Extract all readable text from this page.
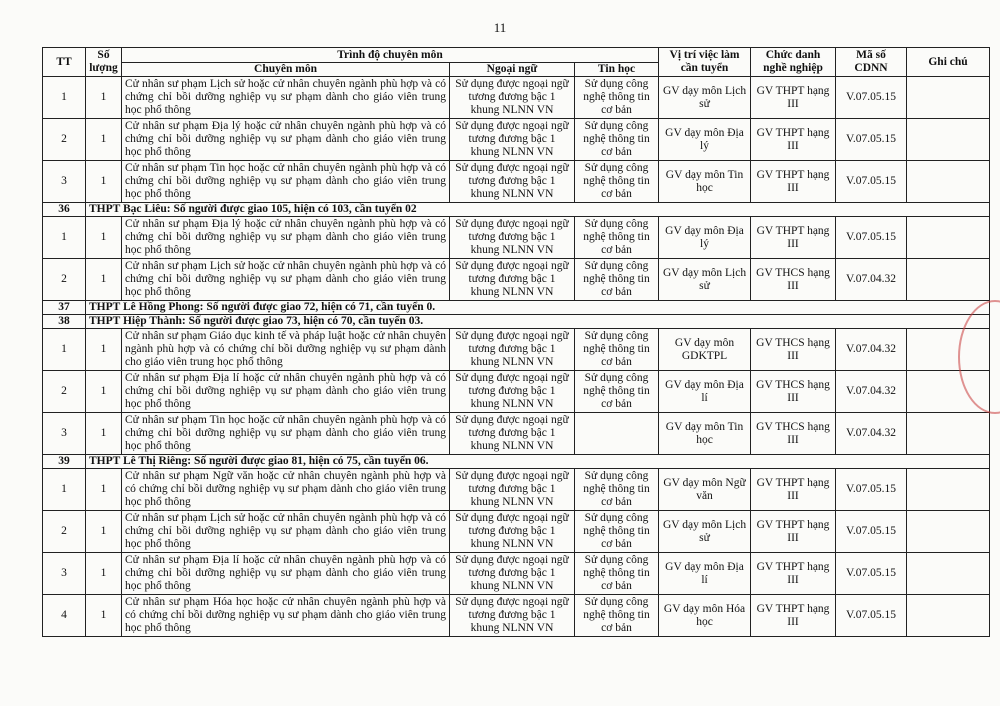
11
TT	Số lượng	Trình độ chuyên môn			Vị trí việc làm cần tuyển	Chức danh nghề nghiệp	Mã số CDNN	Ghi chú
		Chuyên môn	Ngoại ngữ	Tin học				
1	1	Cử nhân sư phạm Lịch sử hoặc cử nhân chuyên ngành phù hợp và có chứng chỉ bồi dưỡng nghiệp vụ sư phạm dành cho giáo viên trung học phổ thông	Sử dụng được ngoại ngữ tương đương bậc 1 khung NLNN VN	Sử dụng công nghệ thông tin cơ bản	GV dạy môn Lịch sử	GV THPT hạng III	V.07.05.15	
2	1	Cử nhân sư phạm Địa lý hoặc cử nhân chuyên ngành phù hợp và có chứng chỉ bồi dưỡng nghiệp vụ sư phạm dành cho giáo viên trung học phổ thông	Sử dụng được ngoại ngữ tương đương bậc 1 khung NLNN VN	Sử dụng công nghệ thông tin cơ bản	GV dạy môn Địa lý	GV THPT hạng III	V.07.05.15	
3	1	Cử nhân sư phạm Tin học hoặc cử nhân chuyên ngành phù hợp và có chứng chỉ bồi dưỡng nghiệp vụ sư phạm dành cho giáo viên trung học phổ thông	Sử dụng được ngoại ngữ tương đương bậc 1 khung NLNN VN	Sử dụng công nghệ thông tin cơ bản	GV dạy môn Tin học	GV THPT hạng III	V.07.05.15	
36	THPT Bạc Liêu: Số người được giao 105, hiện có 103, cần tuyển 02							
1	1	Cử nhân sư phạm Địa lý hoặc cử nhân chuyên ngành phù hợp và có chứng chỉ bồi dưỡng nghiệp vụ sư phạm dành cho giáo viên trung học phổ thông	Sử dụng được ngoại ngữ tương đương bậc 1 khung NLNN VN	Sử dụng công nghệ thông tin cơ bản	GV dạy môn Địa lý	GV THPT hạng III	V.07.05.15	
2	1	Cử nhân sư phạm Lịch sử hoặc cử nhân chuyên ngành phù hợp và có chứng chỉ bồi dưỡng nghiệp vụ sư phạm dành cho giáo viên trung học phổ thông	Sử dụng được ngoại ngữ tương đương bậc 1 khung NLNN VN	Sử dụng công nghệ thông tin cơ bản	GV dạy môn Lịch sử	GV THCS hạng III	V.07.04.32	
37	THPT Lê Hồng Phong: Số người được giao 72, hiện có 71, cần tuyển 0.							
38	THPT Hiệp Thành: Số người được giao 73, hiện có 70, cần tuyển 03.							
1	1	Cử nhân sư phạm Giáo dục kinh tế và pháp luật hoặc cử nhân chuyên ngành phù hợp và có chứng chỉ bồi dưỡng nghiệp vụ sư phạm dành cho giáo viên trung học phổ thông	Sử dụng được ngoại ngữ tương đương bậc 1 khung NLNN VN	Sử dụng công nghệ thông tin cơ bản	GV dạy môn GDKTPL	GV THCS hạng III	V.07.04.32	
2	1	Cử nhân sư phạm Địa lí hoặc cử nhân chuyên ngành phù hợp và có chứng chỉ bồi dưỡng nghiệp vụ sư phạm dành cho giáo viên trung học phổ thông	Sử dụng được ngoại ngữ tương đương bậc 1 khung NLNN VN	Sử dụng công nghệ thông tin cơ bản	GV dạy môn Địa lí	GV THCS hạng III	V.07.04.32	
3	1	Cử nhân sư phạm Tin học hoặc cử nhân chuyên ngành phù hợp và có chứng chỉ bồi dưỡng nghiệp vụ sư phạm dành cho giáo viên trung học phổ thông	Sử dụng được ngoại ngữ tương đương bậc 1 khung NLNN VN		GV dạy môn Tin học	GV THCS hạng III	V.07.04.32	
39	THPT Lê Thị Riêng: Số người được giao 81, hiện có 75, cần tuyển 06.							
1	1	Cử nhân sư phạm Ngữ văn hoặc cử nhân chuyên ngành phù hợp và có chứng chỉ bồi dưỡng nghiệp vụ sư phạm dành cho giáo viên trung học phổ thông	Sử dụng được ngoại ngữ tương đương bậc 1 khung NLNN VN	Sử dụng công nghệ thông tin cơ bản	GV dạy môn Ngữ văn	GV THPT hạng III	V.07.05.15	
2	1	Cử nhân sư phạm Lịch sử hoặc cử nhân chuyên ngành phù hợp và có chứng chỉ bồi dưỡng nghiệp vụ sư phạm dành cho giáo viên trung học phổ thông	Sử dụng được ngoại ngữ tương đương bậc 1 khung NLNN VN	Sử dụng công nghệ thông tin cơ bản	GV dạy môn Lịch sử	GV THPT hạng III	V.07.05.15	
3	1	Cử nhân sư phạm Địa lí hoặc cử nhân chuyên ngành phù hợp và có chứng chỉ bồi dưỡng nghiệp vụ sư phạm dành cho giáo viên trung học phổ thông	Sử dụng được ngoại ngữ tương đương bậc 1 khung NLNN VN	Sử dụng công nghệ thông tin cơ bản	GV dạy môn Địa lí	GV THPT hạng III	V.07.05.15	
4	1	Cử nhân sư phạm Hóa học hoặc cử nhân chuyên ngành phù hợp và có chứng chỉ bồi dưỡng nghiệp vụ sư phạm dành cho giáo viên trung học phổ thông	Sử dụng được ngoại ngữ tương đương bậc 1 khung NLNN VN	Sử dụng công nghệ thông tin cơ bản	GV dạy môn Hóa học	GV THPT hạng III	V.07.05.15	
